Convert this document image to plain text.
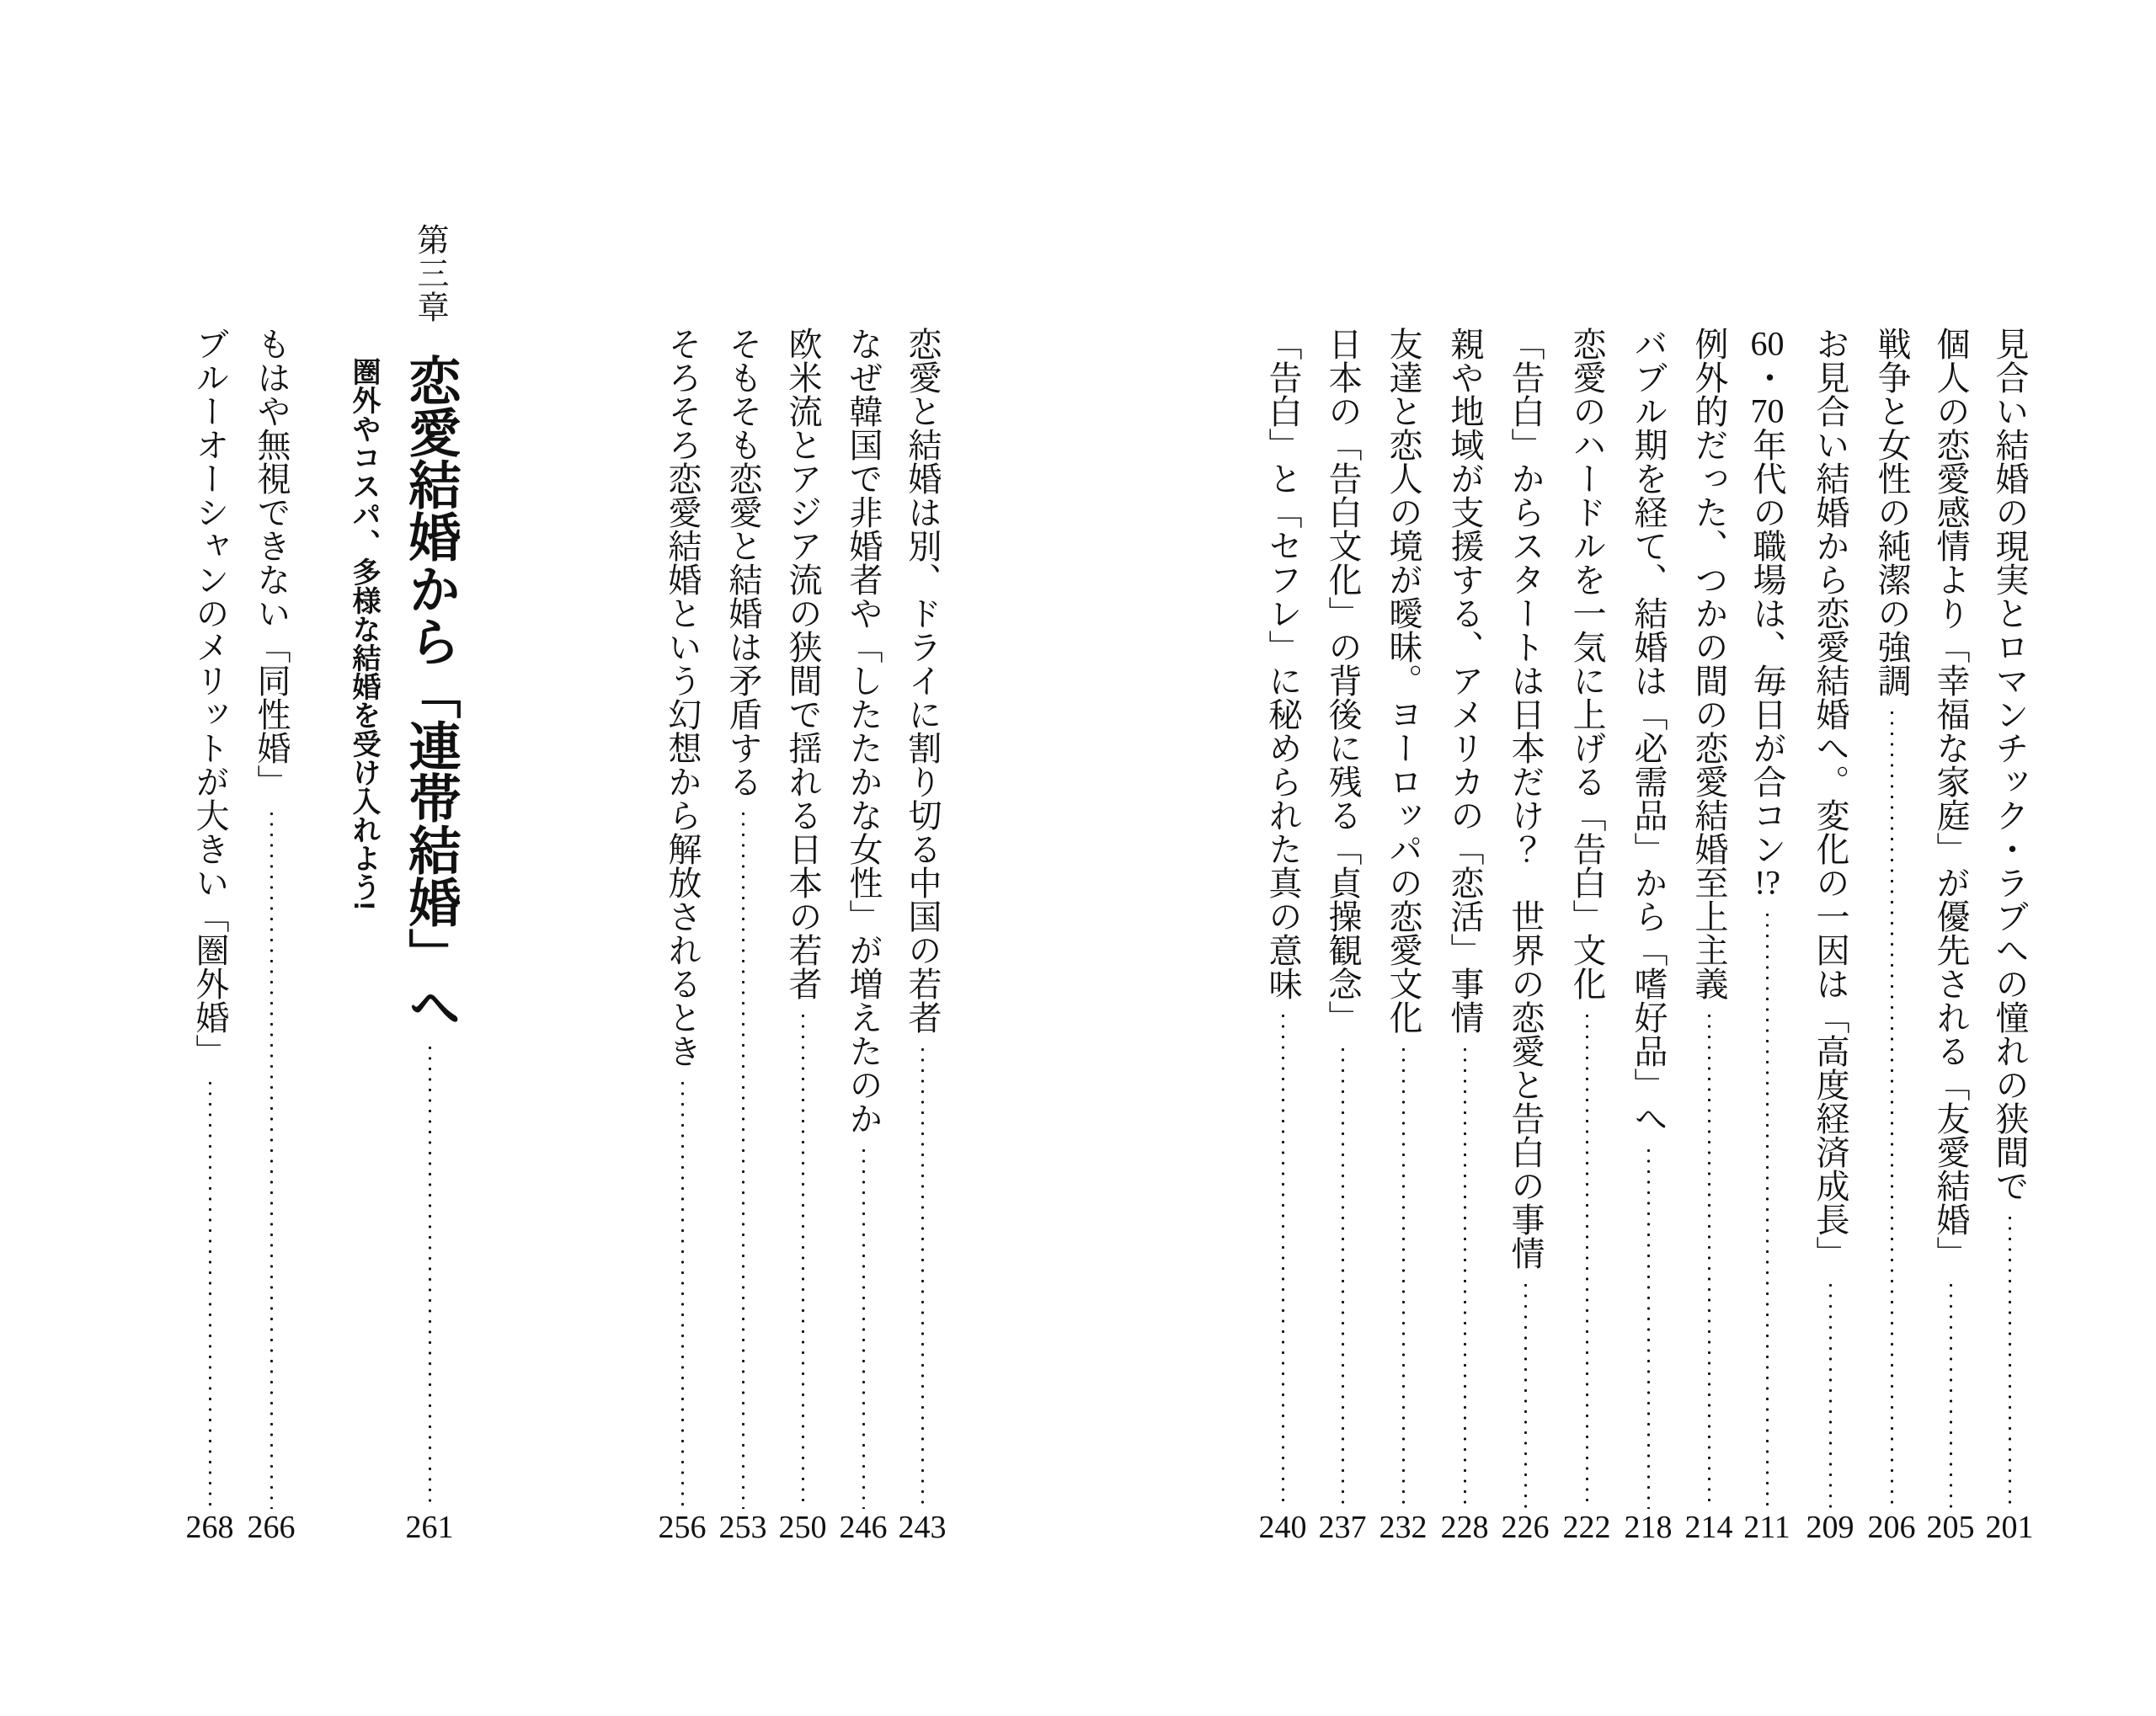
見合い結婚の現実とロマンチック・ラブへの憧れの狭間で
201
個人の恋愛感情より「幸福な家庭」が優先される「友愛結婚」
205
戦争と女性の純潔の強調
206
お見合い結婚から恋愛結婚へ。変化の一因は「高度経済成長」
209
60・70年代の職場は、毎日が合コン!?
211
例外的だった、つかの間の恋愛結婚至上主義
214
バブル期を経て、結婚は「必需品」から「嗜好品」へ
218
恋愛のハードルを一気に上げる「告白」文化
222
「告白」からスタートは日本だけ？　世界の恋愛と告白の事情
226
親や地域が支援する、アメリカの「恋活」事情
228
友達と恋人の境が曖昧。ヨーロッパの恋愛文化
232
日本の「告白文化」の背後に残る「貞操観念」
237
「告白」と「セフレ」に秘められた真の意味
240
恋愛と結婚は別、ドライに割り切る中国の若者
243
なぜ韓国で非婚者や「したたかな女性」が増えたのか
246
欧米流とアジア流の狭間で揺れる日本の若者
250
そもそも恋愛と結婚は矛盾する
253
そろそろ恋愛結婚という幻想から解放されるとき
256
第三章
恋愛結婚から「連帯結婚」へ
261
圏外やコスパ、多様な結婚を受け入れよう!
もはや無視できない「同性婚」
266
ブルーオーシャンのメリットが大きい「圏外婚」
268
